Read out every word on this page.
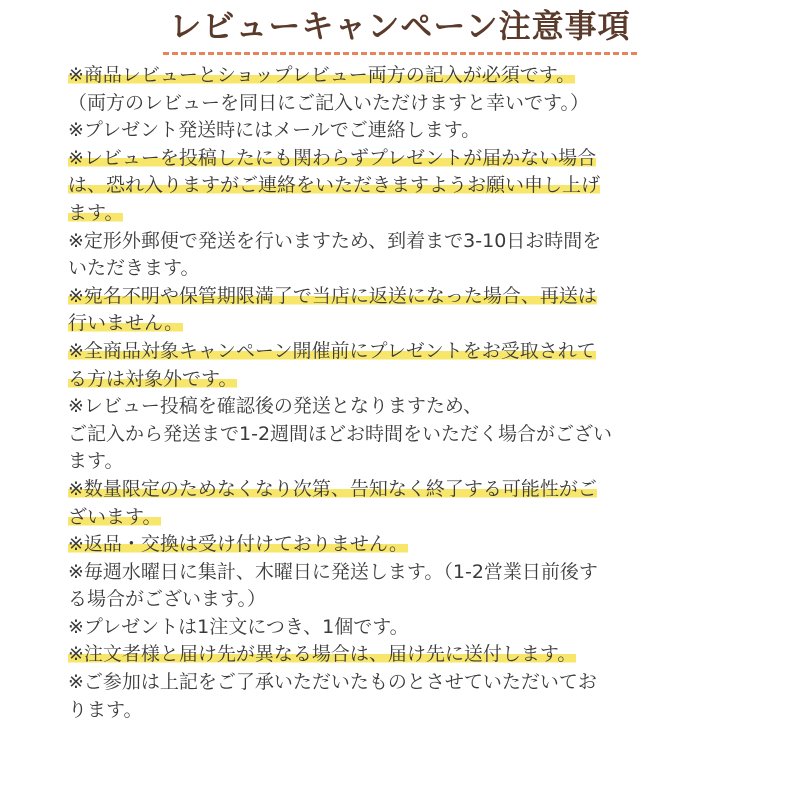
レビューキャンペーン注意事項
※商品レビューとショップレビュー両方の記入が必須です。
（両方のレビューを同日にご記入いただけますと幸いです。）
※プレゼント発送時にはメールでご連絡します。
※レビューを投稿したにも関わらずプレゼントが届かない場合
は、恐れ入りますがご連絡をいただきますようお願い申し上げ
ます。
※定形外郵便で発送を行いますため、到着まで3-10日お時間を
いただきます。
※宛名不明や保管期限満了で当店に返送になった場合、再送は
行いません。
※全商品対象キャンペーン開催前にプレゼントをお受取されて
る方は対象外です。
※レビュー投稿を確認後の発送となりますため、
ご記入から発送まで1-2週間ほどお時間をいただく場合がござい
ます。
※数量限定のためなくなり次第、告知なく終了する可能性がご
ざいます。
※返品・交換は受け付けておりません。
※毎週水曜日に集計、木曜日に発送します。（1-2営業日前後す
る場合がございます。）
※プレゼントは1注文につき、1個です。
※注文者様と届け先が異なる場合は、届け先に送付します。
※ご参加は上記をご了承いただいたものとさせていただいてお
ります。
